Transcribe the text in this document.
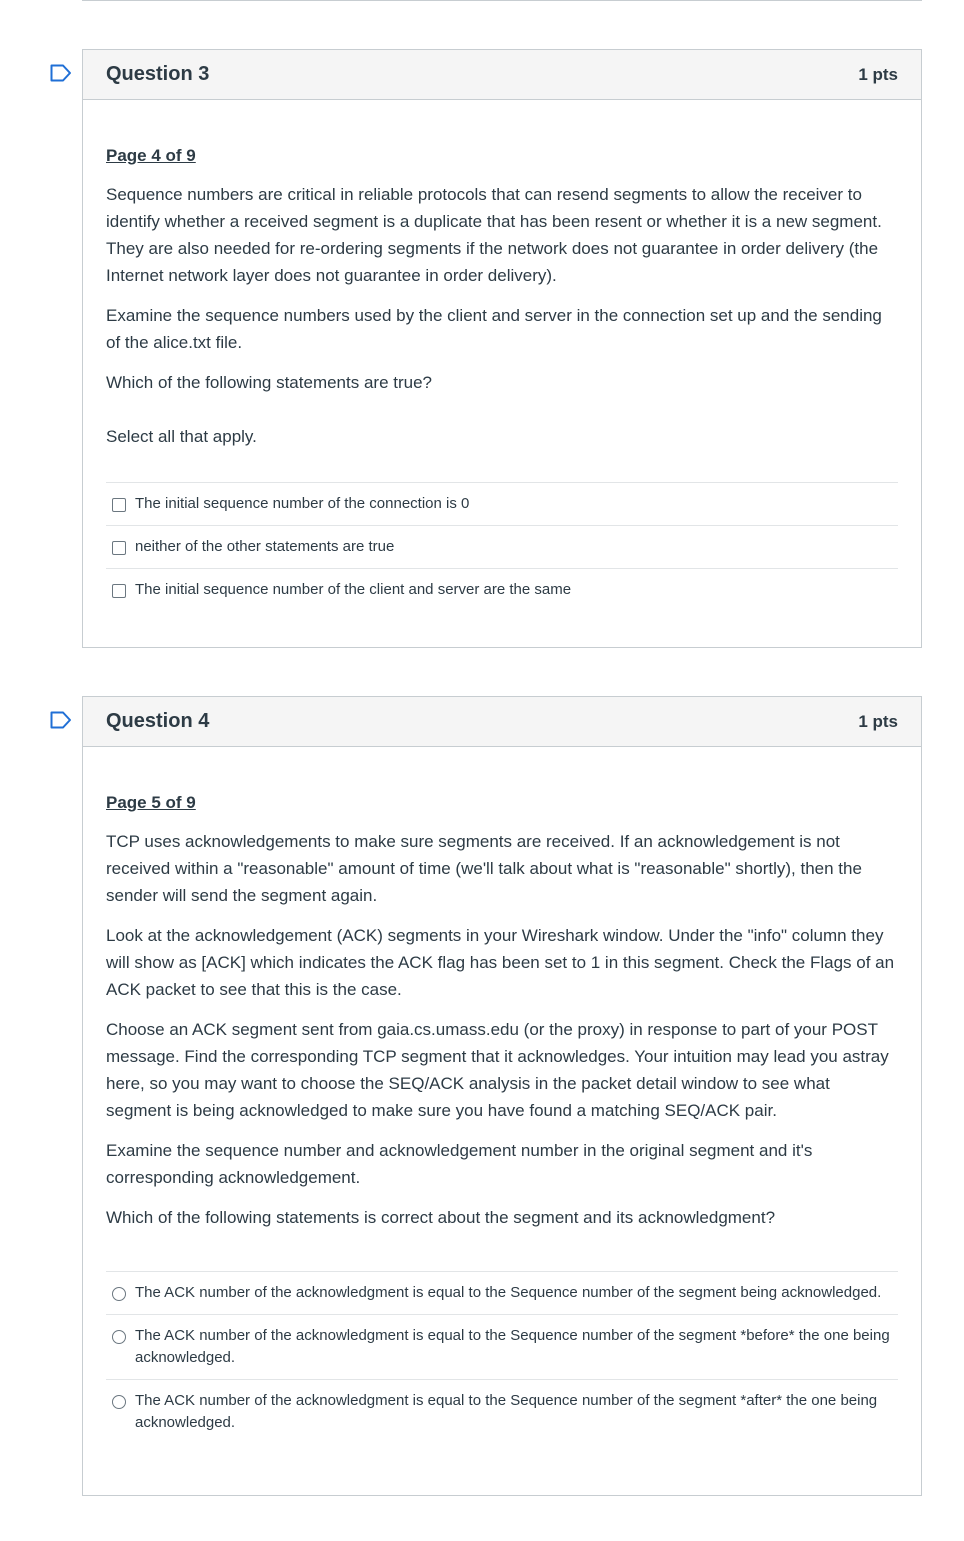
Question 3	1 pts
Page 4 of 9

Sequence numbers are critical in reliable protocols that can resend segments to allow the receiver to identify whether a received segment is a duplicate that has been resent or whether it is a new segment. They are also needed for re-ordering segments if the network does not guarantee in order delivery (the Internet network layer does not guarantee in order delivery).

Examine the sequence numbers used by the client and server in the connection set up and the sending of the alice.txt file.

Which of the following statements are true?

Select all that apply.

The initial sequence number of the connection is 0
neither of the other statements are true
The initial sequence number of the client and server are the same
Question 4	1 pts
Page 5 of 9

TCP uses acknowledgements to make sure segments are received. If an acknowledgement is not received within a "reasonable" amount of time (we'll talk about what is "reasonable" shortly), then the sender will send the segment again.

Look at the acknowledgement (ACK) segments in your Wireshark window. Under the "info" column they will show as [ACK] which indicates the ACK flag has been set to 1 in this segment. Check the Flags of an ACK packet to see that this is the case.

Choose an ACK segment sent from gaia.cs.umass.edu (or the proxy) in response to part of your POST message. Find the corresponding TCP segment that it acknowledges. Your intuition may lead you astray here, so you may want to choose the SEQ/ACK analysis in the packet detail window to see what segment is being acknowledged to make sure you have found a matching SEQ/ACK pair.

Examine the sequence number and acknowledgement number in the original segment and it's corresponding acknowledgement.

Which of the following statements is correct about the segment and its acknowledgment?

The ACK number of the acknowledgment is equal to the Sequence number of the segment being acknowledged.
The ACK number of the acknowledgment is equal to the Sequence number of the segment *before* the one being acknowledged.
The ACK number of the acknowledgment is equal to the Sequence number of the segment *after* the one being acknowledged.
